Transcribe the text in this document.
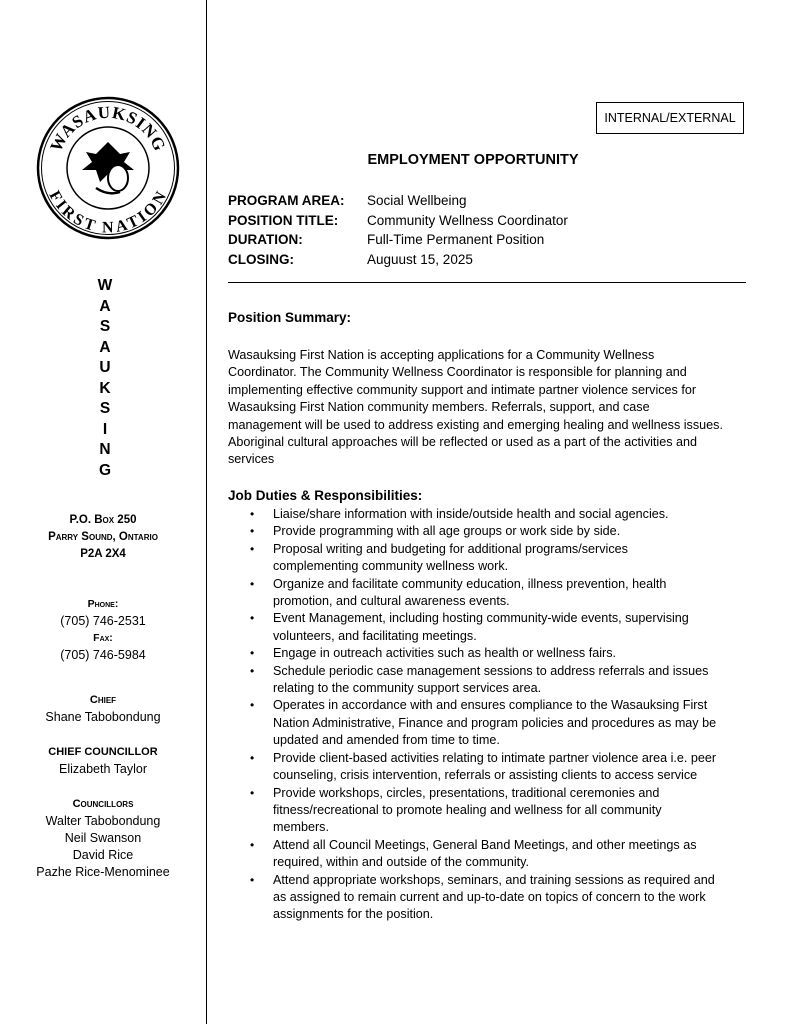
WASAUKSING
FIRST NATION
W
A
S
A
U
K
S
I
N
G
P.O. Box 250
Parry Sound, Ontario
P2A 2X4
Phone:
(705) 746-2531
Fax:
(705) 746-5984
Chief
Shane Tabobondung
CHIEF COUNCILLOR
Elizabeth Taylor
Councillors
Walter Tabobondung
Neil Swanson
David Rice
Pazhe Rice-Menominee
INTERNAL/EXTERNAL
EMPLOYMENT OPPORTUNITY
PROGRAM AREA:	Social Wellbeing
POSITION TITLE:	Community Wellness Coordinator
DURATION:	Full-Time Permanent Position
CLOSING:	Auguust 15, 2025
Position Summary:
Wasauksing First Nation is accepting applications for a Community Wellness
Coordinator. The Community Wellness Coordinator is responsible for planning and
implementing effective community support and intimate partner violence services for
Wasauksing First Nation community members. Referrals, support, and case
management will be used to address existing and emerging healing and wellness issues.
Aboriginal cultural approaches will be reflected or used as a part of the activities and
services
Job Duties & Responsibilities:
• Liaise/share information with inside/outside health and social agencies.
• Provide programming with all age groups or work side by side.
• Proposal writing and budgeting for additional programs/services
complementing community wellness work.
• Organize and facilitate community education, illness prevention, health
promotion, and cultural awareness events.
• Event Management, including hosting community-wide events, supervising
volunteers, and facilitating meetings.
• Engage in outreach activities such as health or wellness fairs.
• Schedule periodic case management sessions to address referrals and issues
relating to the community support services area.
• Operates in accordance with and ensures compliance to the Wasauksing First
Nation Administrative, Finance and program policies and procedures as may be
updated and amended from time to time.
• Provide client-based activities relating to intimate partner violence area i.e. peer
counseling, crisis intervention, referrals or assisting clients to access service
• Provide workshops, circles, presentations, traditional ceremonies and
fitness/recreational to promote healing and wellness for all community
members.
• Attend all Council Meetings, General Band Meetings, and other meetings as
required, within and outside of the community.
• Attend appropriate workshops, seminars, and training sessions as required and
as assigned to remain current and up-to-date on topics of concern to the work
assignments for the position.
